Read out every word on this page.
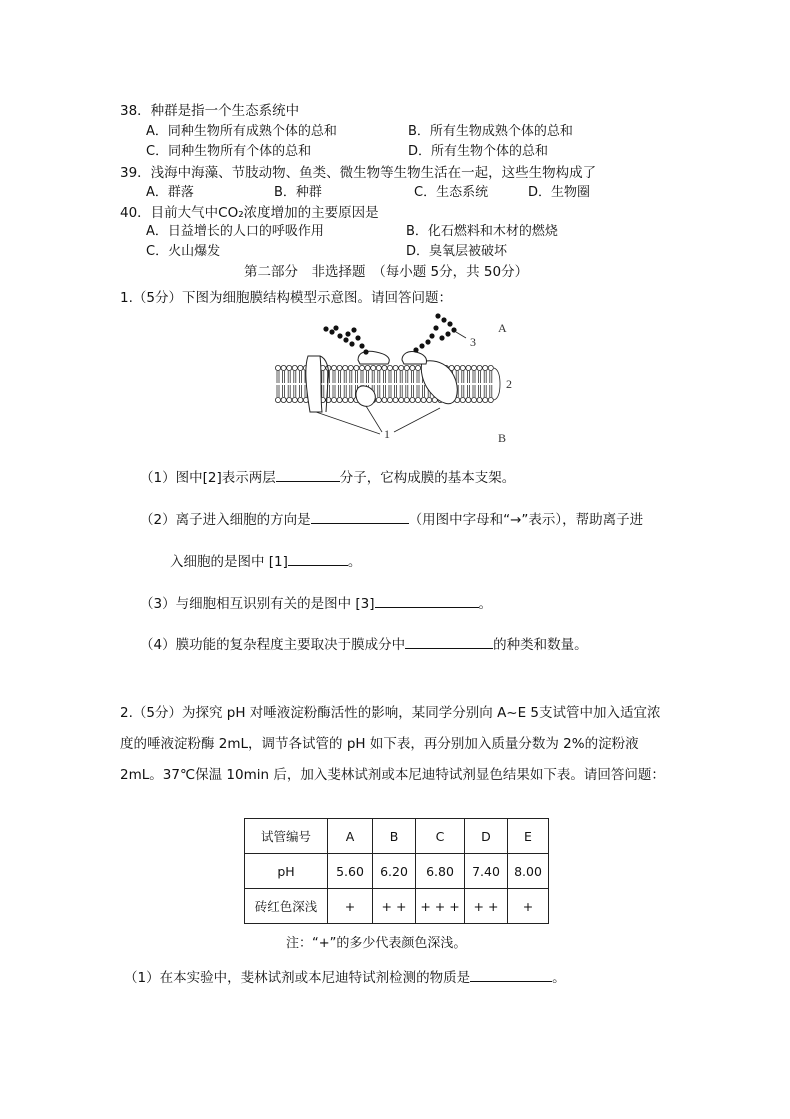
38．种群是指一个生态系统中
A．同种生物所有成熟个体的总和	B．所有生物成熟个体的总和
C．同种生物所有个体的总和	D．所有生物个体的总和
39．浅海中海藻、节肢动物、鱼类、微生物等生物生活在一起，这些生物构成了
A．群落	B．种群	C．生态系统	D．生物圈
40．目前大气中CO₂浓度增加的主要原因是
A．日益增长的人口的呼吸作用	B．化石燃料和木材的燃烧
C．火山爆发	D．臭氧层被破坏
第二部分　非选择题　（每小题 5分，共 50分）
1.（5分）下图为细胞膜结构模型示意图。请回答问题：
A
3
2
1	B
（1）图中[2]表示两层	分子，它构成膜的基本支架。
（2）离子进入细胞的方向是	（用图中字母和“→”表示），帮助离子进
入细胞的是图中 [1]	。
（3）与细胞相互识别有关的是图中 [3]	。
（4）膜功能的复杂程度主要取决于膜成分中	的种类和数量。
2.（5分）为探究 pH 对唾液淀粉酶活性的影响，某同学分别向 A~E 5支试管中加入适宜浓
度的唾液淀粉酶 2mL，调节各试管的 pH 如下表，再分别加入质量分数为 2%的淀粉液
2mL。37℃保温 10min 后，加入斐林试剂或本尼迪特试剂显色结果如下表。请回答问题：
试管编号	A	B	C	D	E
pH	5.60	6.20	6.80	7.40	8.00
砖红色深浅	+	+ +	+ + +	+ +	+
注：“+”的多少代表颜色深浅。
（1）在本实验中，斐林试剂或本尼迪特试剂检测的物质是	。
